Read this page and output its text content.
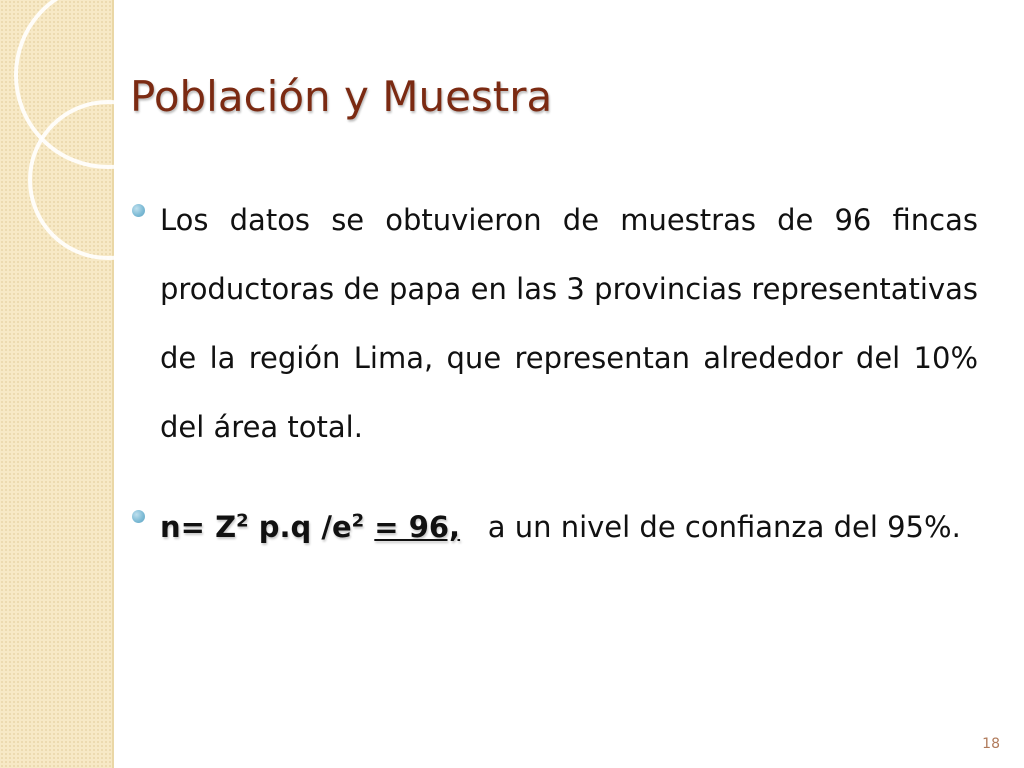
Población y Muestra
Los datos se obtuvieron de muestras de 96 fincas productoras de papa en las 3 provincias representativas de la región Lima, que representan alrededor del 10% del área total.
$n= Z^2$ p.q $/e^2 = 96$, a un nivel de confianza del 95%.
18
